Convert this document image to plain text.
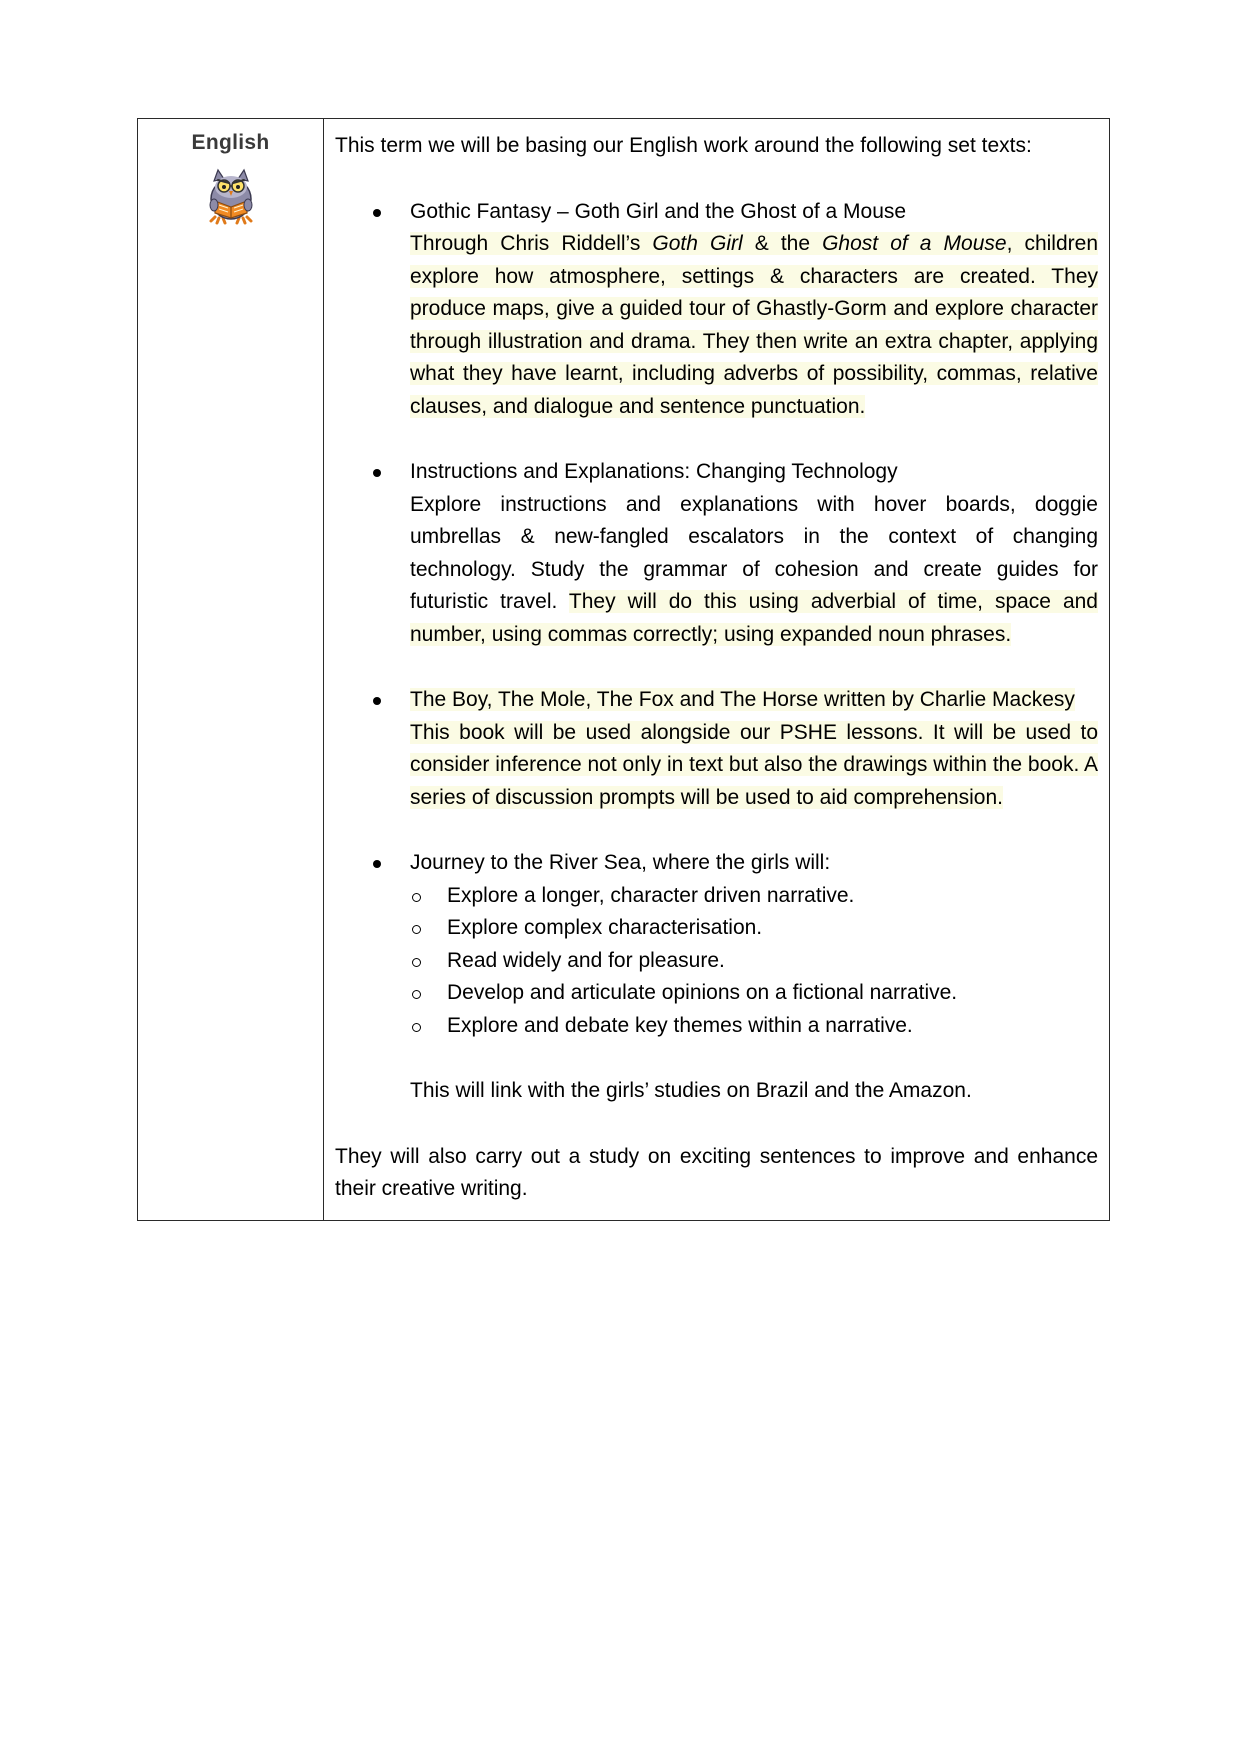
English	This term we will be basing our English work around the following set texts:

Gothic Fantasy – Goth Girl and the Ghost of a Mouse

Through Chris Riddell’s Goth Girl & the Ghost of a Mouse, children explore how atmosphere, settings & characters are created. They produce maps, give a guided tour of Ghastly-Gorm and explore character through illustration and drama. They then write an extra chapter, applying what they have learnt, including adverbs of possibility, commas, relative clauses, and dialogue and sentence punctuation.

Instructions and Explanations: Changing Technology

Explore instructions and explanations with hover boards, doggie umbrellas & new-fangled escalators in the context of changing technology. Study the grammar of cohesion and create guides for futuristic travel. They will do this using adverbial of time, space and number, using commas correctly; using expanded noun phrases.

The Boy, The Mole, The Fox and The Horse written by Charlie Mackesy

This book will be used alongside our PSHE lessons. It will be used to consider inference not only in text but also the drawings within the book. A series of discussion prompts will be used to aid comprehension.

Journey to the River Sea, where the girls will:

Explore a longer, character driven narrative.

Explore complex characterisation.

Read widely and for pleasure.

Develop and articulate opinions on a fictional narrative.

Explore and debate key themes within a narrative.

This will link with the girls’ studies on Brazil and the Amazon.

They will also carry out a study on exciting sentences to improve and enhance their creative writing.
